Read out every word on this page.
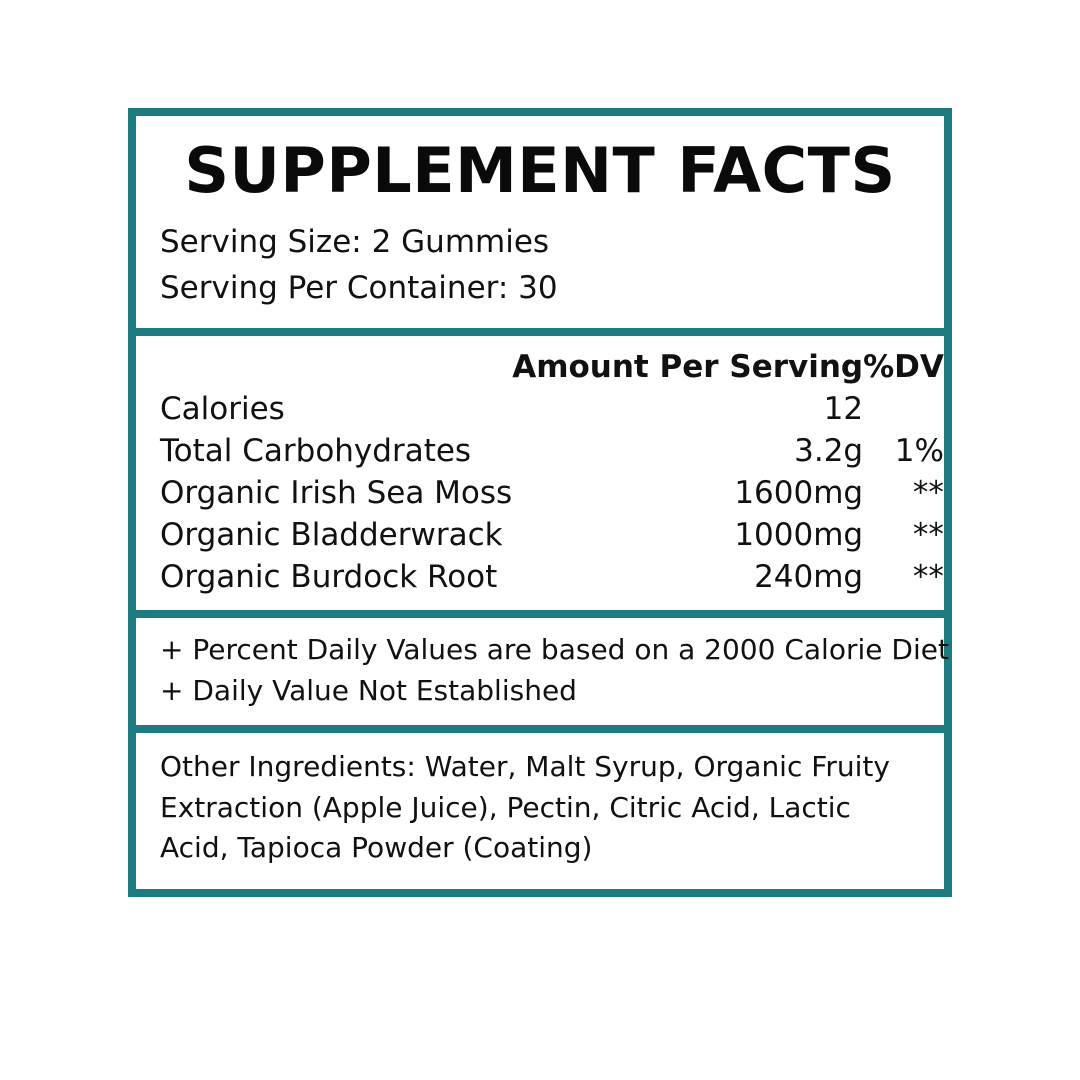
SUPPLEMENT FACTS
Serving Size: 2 Gummies
Serving Per Container: 30
	Amount Per Serving	%DV
Calories	12	
Total Carbohydrates	3.2g	1%
Organic Irish Sea Moss	1600mg	**
Organic Bladderwrack	1000mg	**
Organic Burdock Root	240mg	**
+ Percent Daily Values are based on a 2000 Calorie Diet
+ Daily Value Not Established
Other Ingredients: Water, Malt Syrup, Organic Fruity Extraction (Apple Juice), Pectin, Citric Acid, Lactic Acid, Tapioca Powder (Coating)
